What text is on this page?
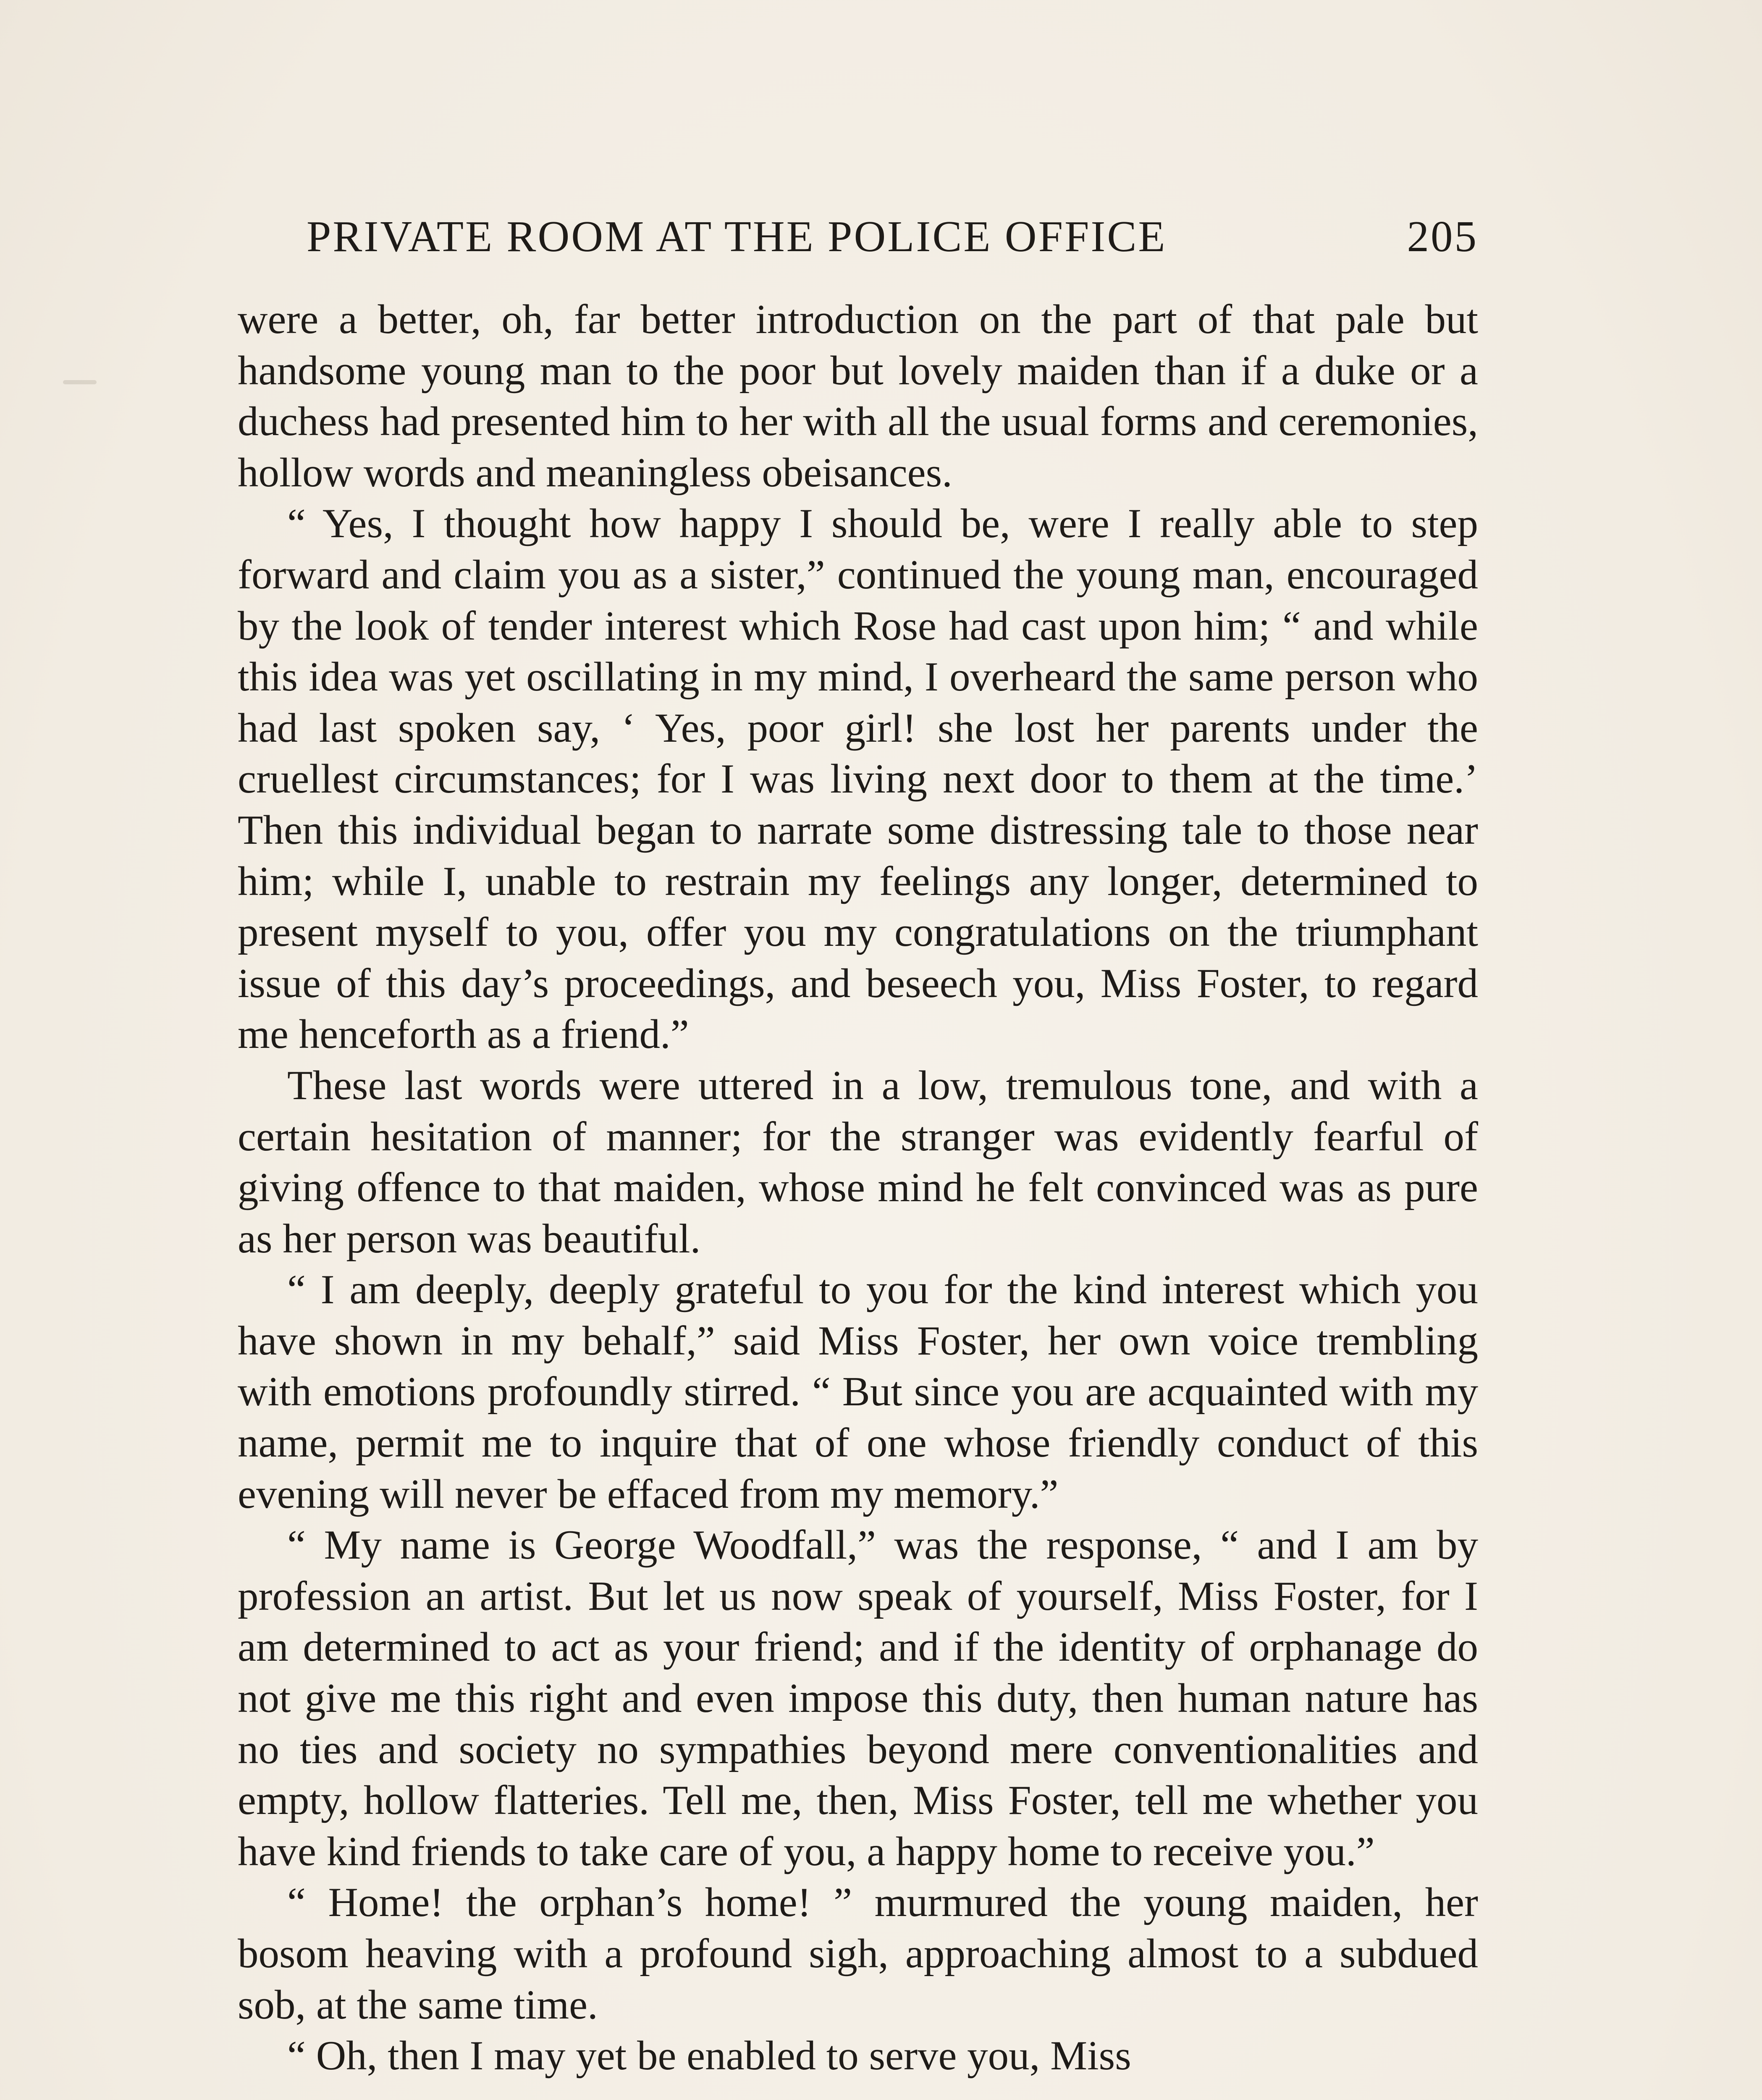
PRIVATE ROOM AT THE POLICE OFFICE	205

were a better, oh, far better introduction on the part of that pale but handsome young man to the poor but lovely maiden than if a duke or a duchess had presented him to her with all the usual forms and ceremonies, hollow words and meaningless obeisances.

“ Yes, I thought how happy I should be, were I really able to step forward and claim you as a sister,” continued the young man, encouraged by the look of tender interest which Rose had cast upon him; “ and while this idea was yet oscillating in my mind, I overheard the same person who had last spoken say, ‘ Yes, poor girl! she lost her parents under the cruellest circumstances; for I was living next door to them at the time.’ Then this individual began to narrate some distressing tale to those near him; while I, unable to restrain my feelings any longer, determined to present myself to you, offer you my congratulations on the triumphant issue of this day’s proceedings, and beseech you, Miss Foster, to regard me henceforth as a friend.”

These last words were uttered in a low, tremulous tone, and with a certain hesitation of manner; for the stranger was evidently fearful of giving offence to that maiden, whose mind he felt convinced was as pure as her person was beautiful.

“ I am deeply, deeply grateful to you for the kind interest which you have shown in my behalf,” said Miss Foster, her own voice trembling with emotions profoundly stirred. “ But since you are acquainted with my name, permit me to inquire that of one whose friendly conduct of this evening will never be effaced from my memory.”

“ My name is George Woodfall,” was the response, “ and I am by profession an artist. But let us now speak of yourself, Miss Foster, for I am determined to act as your friend; and if the identity of orphanage do not give me this right and even impose this duty, then human nature has no ties and society no sympathies beyond mere conventionalities and empty, hollow flatteries. Tell me, then, Miss Foster, tell me whether you have kind friends to take care of you, a happy home to receive you.”

“ Home! the orphan’s home! ” murmured the young maiden, her bosom heaving with a profound sigh, approaching almost to a subdued sob, at the same time.

“ Oh, then I may yet be enabled to serve you, Miss
